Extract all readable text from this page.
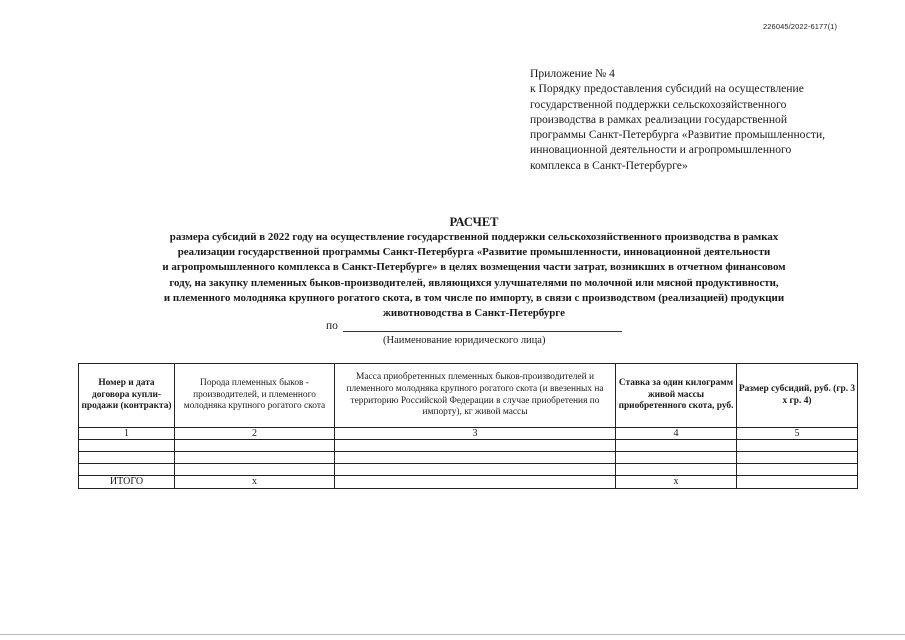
226045/2022-6177(1)
Приложение № 4
к Порядку предоставления субсидий на осуществление
государственной поддержки сельскохозяйственного
производства в рамках реализации государственной
программы Санкт-Петербурга «Развитие промышленности,
инновационной деятельности и агропромышленного
комплекса в Санкт-Петербурге»
РАСЧЕТ
размера субсидий в 2022 году на осуществление государственной поддержки сельскохозяйственного производства в рамках
реализации государственной программы Санкт-Петербурга «Развитие промышленности, инновационной деятельности
и агропромышленного комплекса в Санкт-Петербурге» в целях возмещения части затрат, возникших в отчетном финансовом
году, на закупку племенных быков-производителей, являющихся улучшателями по молочной или мясной продуктивности,
и племенного молодняка крупного рогатого скота, в том числе по импорту, в связи с производством (реализацией) продукции
животноводства в Санкт-Петербурге
по
(Наименование юридического лица)
Номер и дата договора купли-продажи (контракта)	Порода племенных быков - производителей, и племенного молодняка крупного рогатого скота	Масса приобретенных племенных быков-производителей и племенного молодняка крупного рогатого скота (и ввезенных на территорию Российской Федерации в случае приобретения по импорту), кг живой массы	Ставка за один килограмм живой массы приобретенного скота, руб.	Размер субсидий, руб. (гр. 3 х гр. 4)
1	2	3	4	5

ИТОГО	х		х	
